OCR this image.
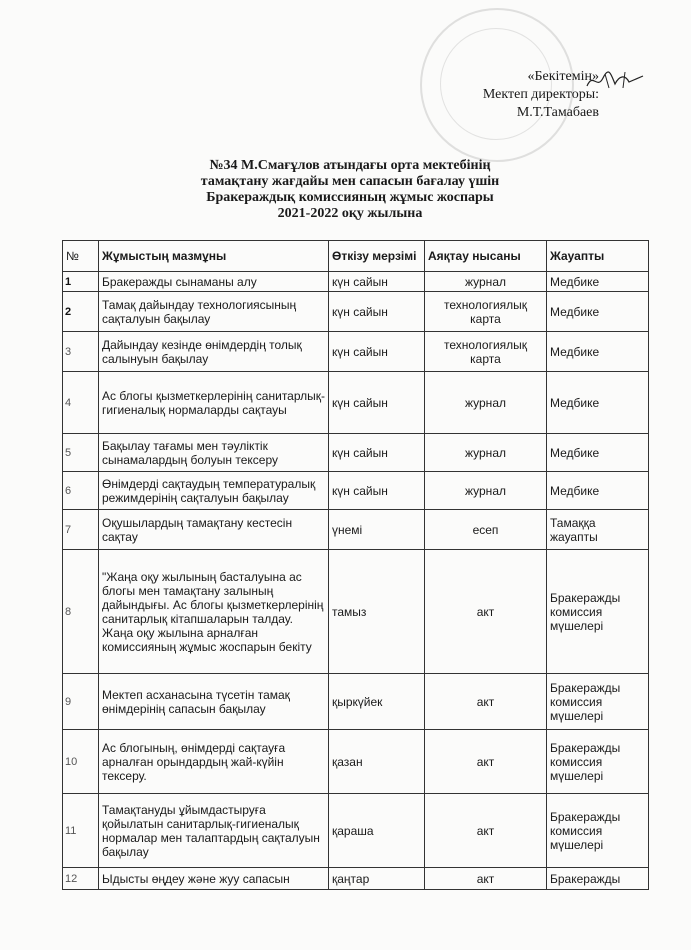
«Бекітемін»
Мектеп директоры:
М.Т.Тамабаев
№34 М.Смағұлов атындағы орта мектебінің
тамақтану жағдайы мен сапасын бағалау үшін
Бракераждық комиссияның жұмыс жоспары
2021-2022 оқу жылына
№	Жұмыстың мазмұны	Өткізу мерзімі	Аяқтау нысаны	Жауапты
1	Бракеражды сынаманы алу	күн сайын	журнал	Медбике
2	Тамақ дайындау технологиясының сақталуын бақылау	күн сайын	технологиялық карта	Медбике
3	Дайындау кезінде өнімдердің толық салынуын бақылау	күн сайын	технологиялық карта	Медбике
4	Ас блогы қызметкерлерінің санитарлық-гигиеналық нормаларды сақтауы	күн сайын	журнал	Медбике
5	Бақылау тағамы мен тәуліктік сынамалардың болуын тексеру	күн сайын	журнал	Медбике
6	Өнімдерді сақтаудың температуралық режимдерінің сақталуын бақылау	күн сайын	журнал	Медбике
7	Оқушылардың тамақтану кестесін сақтау	үнемі	есеп	Тамаққа жауапты
8	"Жаңа оқу жылының басталуына ас блогы мен тамақтану залының дайындығы. Ас блогы қызметкерлерінің санитарлық кітапшаларын талдау. Жаңа оқу жылына арналған комиссияның жұмыс жоспарын бекіту	тамыз	акт	Бракеражды комиссия мүшелері
9	Мектеп асханасына түсетін тамақ өнімдерінің сапасын бақылау	қыркүйек	акт	Бракеражды комиссия мүшелері
10	Ас блогының, өнімдерді сақтауға арналған орындардың жай-күйін тексеру.	қазан	акт	Бракеражды комиссия мүшелері
11	Тамақтануды ұйымдастыруға қойылатын санитарлық-гигиеналық нормалар мен талаптардың сақталуын бақылау	қараша	акт	Бракеражды комиссия мүшелері
12	Ыдысты өңдеу және жуу сапасын	қаңтар	акт	Бракеражды
